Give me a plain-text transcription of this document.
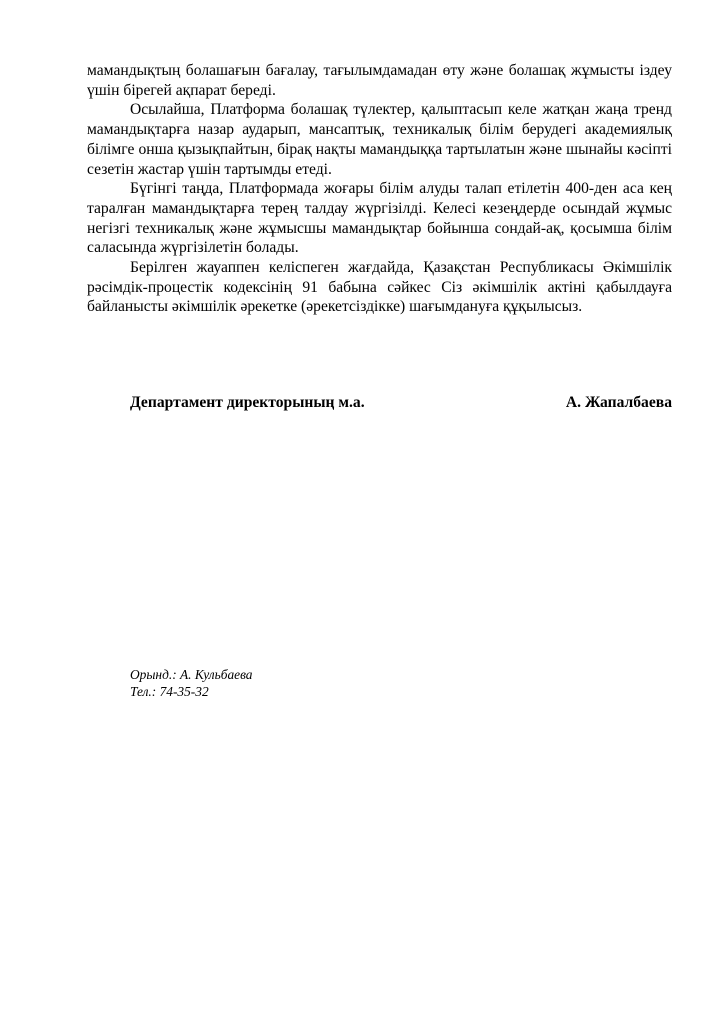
мамандықтың болашағын бағалау, тағылымдамадан өту және болашақ жұмысты іздеу үшін бірегей ақпарат береді.

Осылайша, Платформа болашақ түлектер, қалыптасып келе жатқан жаңа тренд мамандықтарға назар аударып, мансаптық, техникалық білім берудегі академиялық білімге онша қызықпайтын, бірақ нақты мамандыққа тартылатын және шынайы кәсіпті сезетін жастар үшін тартымды етеді.

Бүгінгі таңда, Платформада жоғары білім алуды талап етілетін 400-ден аса кең таралған мамандықтарға терең талдау жүргізілді. Келесі кезеңдерде осындай жұмыс негізгі техникалық және жұмысшы мамандықтар бойынша сондай-ақ, қосымша білім саласында жүргізілетін болады.

Берілген жауаппен келіспеген жағдайда, Қазақстан Республикасы Әкімшілік рәсімдік-процестік кодексінің 91 бабына сәйкес Сіз әкімшілік актіні қабылдауға байланысты әкімшілік әрекетке (әрекетсіздікке) шағымдануға құқылысыз.

Департамент директорының м.а.	А. Жапалбаева
Орынд.: А. Кульбаева
Тел.: 74-35-32
